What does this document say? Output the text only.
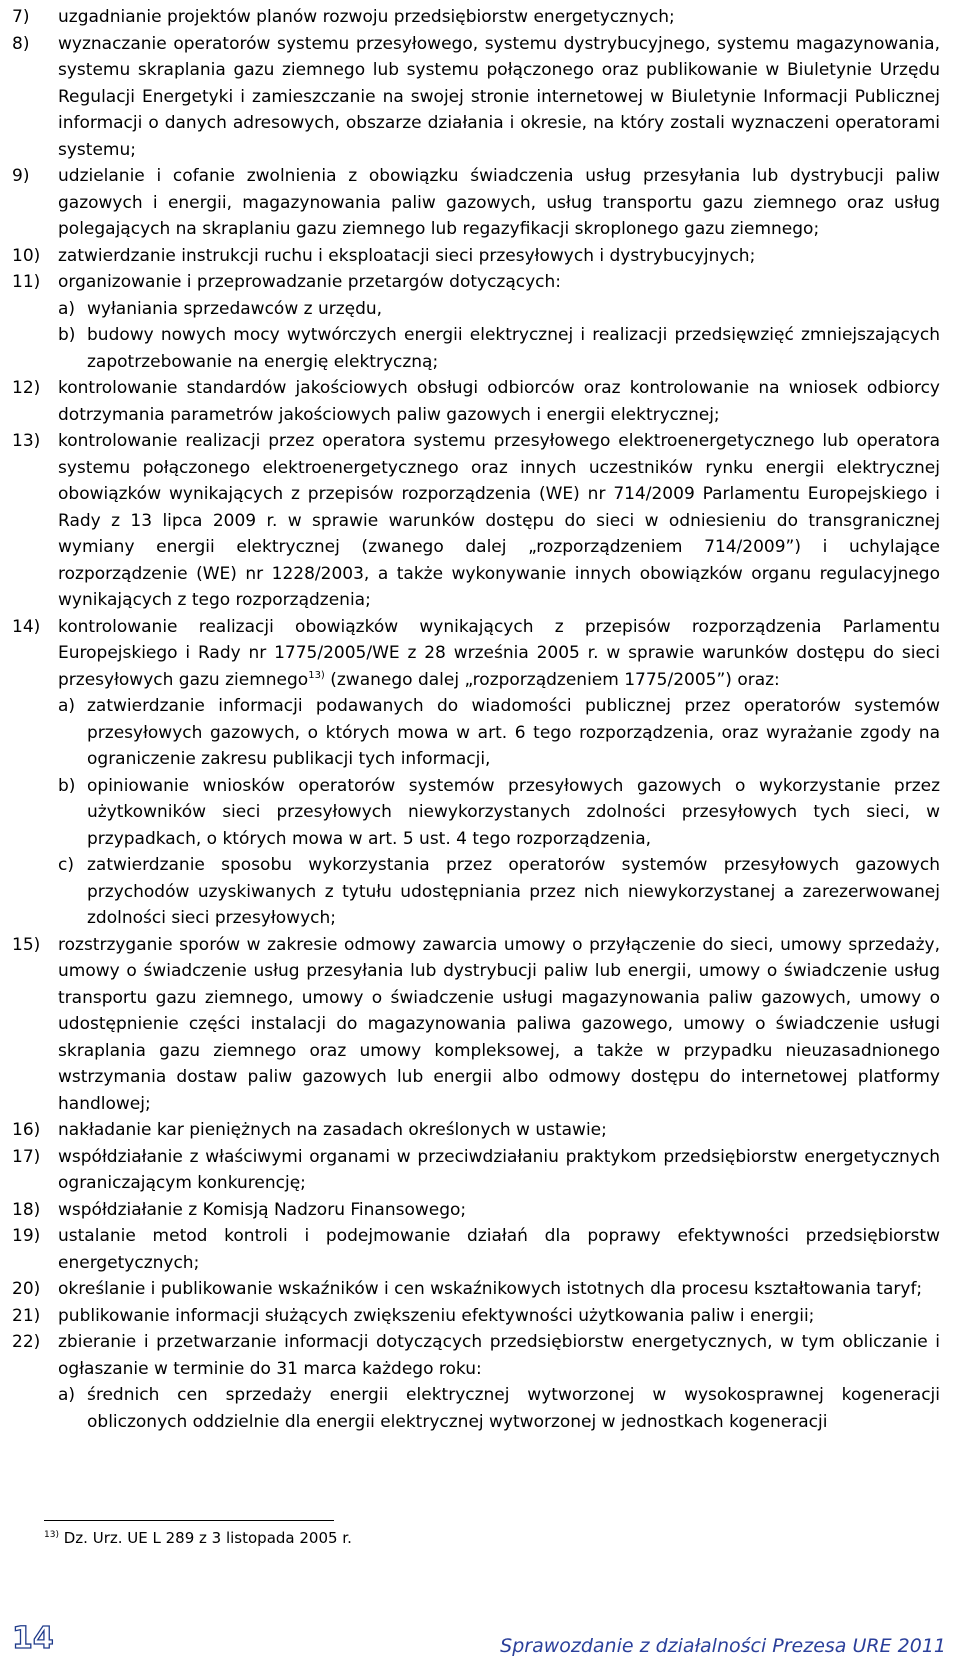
7) uzgadnianie projektów planów rozwoju przedsiębiorstw energetycznych;

8) wyznaczanie operatorów systemu przesyłowego, systemu dystrybucyjnego, systemu magazynowania, systemu skraplania gazu ziemnego lub systemu połączonego oraz publikowanie w Biuletynie Urzędu Regulacji Energetyki i zamieszczanie na swojej stronie internetowej w Biuletynie Informacji Publicznej informacji o danych adresowych, obszarze działania i okresie, na który zostali wyznaczeni operatorami systemu;

9) udzielanie i cofanie zwolnienia z obowiązku świadczenia usług przesyłania lub dystrybucji paliw gazowych i energii, magazynowania paliw gazowych, usług transportu gazu ziemnego oraz usług polegających na skraplaniu gazu ziemnego lub regazyfikacji skroplonego gazu ziemnego;

10) zatwierdzanie instrukcji ruchu i eksploatacji sieci przesyłowych i dystrybucyjnych;

11) organizowanie i przeprowadzanie przetargów dotyczących:

a) wyłaniania sprzedawców z urzędu,

b) budowy nowych mocy wytwórczych energii elektrycznej i realizacji przedsięwzięć zmniejszających zapotrzebowanie na energię elektryczną;

12) kontrolowanie standardów jakościowych obsługi odbiorców oraz kontrolowanie na wniosek odbiorcy dotrzymania parametrów jakościowych paliw gazowych i energii elektrycznej;

13) kontrolowanie realizacji przez operatora systemu przesyłowego elektroenergetycznego lub operatora systemu połączonego elektroenergetycznego oraz innych uczestników rynku energii elektrycznej obowiązków wynikających z przepisów rozporządzenia (WE) nr 714/2009 Parlamentu Europejskiego i Rady z 13 lipca 2009 r. w sprawie warunków dostępu do sieci w odniesieniu do transgranicznej wymiany energii elektrycznej (zwanego dalej „rozporządzeniem 714/2009”) i uchylające rozporządzenie (WE) nr 1228/2003, a także wykonywanie innych obowiązków organu regulacyjnego wynikających z tego rozporządzenia;

14) kontrolowanie realizacji obowiązków wynikających z przepisów rozporządzenia Parlamentu Europejskiego i Rady nr 1775/2005/WE z 28 września 2005 r. w sprawie warunków dostępu do sieci przesyłowych gazu ziemnego$^{13)}$ (zwanego dalej „rozporządzeniem 1775/2005”) oraz:

a) zatwierdzanie informacji podawanych do wiadomości publicznej przez operatorów systemów przesyłowych gazowych, o których mowa w art. 6 tego rozporządzenia, oraz wyrażanie zgody na ograniczenie zakresu publikacji tych informacji,

b) opiniowanie wniosków operatorów systemów przesyłowych gazowych o wykorzystanie przez użytkowników sieci przesyłowych niewykorzystanych zdolności przesyłowych tych sieci, w przypadkach, o których mowa w art. 5 ust. 4 tego rozporządzenia,

c) zatwierdzanie sposobu wykorzystania przez operatorów systemów przesyłowych gazowych przychodów uzyskiwanych z tytułu udostępniania przez nich niewykorzystanej a zarezerwowanej zdolności sieci przesyłowych;

15) rozstrzyganie sporów w zakresie odmowy zawarcia umowy o przyłączenie do sieci, umowy sprzedaży, umowy o świadczenie usług przesyłania lub dystrybucji paliw lub energii, umowy o świadczenie usług transportu gazu ziemnego, umowy o świadczenie usługi magazynowania paliw gazowych, umowy o udostępnienie części instalacji do magazynowania paliwa gazowego, umowy o świadczenie usługi skraplania gazu ziemnego oraz umowy kompleksowej, a także w przypadku nieuzasadnionego wstrzymania dostaw paliw gazowych lub energii albo odmowy dostępu do internetowej platformy handlowej;

16) nakładanie kar pieniężnych na zasadach określonych w ustawie;

17) współdziałanie z właściwymi organami w przeciwdziałaniu praktykom przedsiębiorstw energetycznych ograniczającym konkurencję;

18) współdziałanie z Komisją Nadzoru Finansowego;

19) ustalanie metod kontroli i podejmowanie działań dla poprawy efektywności przedsiębiorstw energetycznych;

20) określanie i publikowanie wskaźników i cen wskaźnikowych istotnych dla procesu kształtowania taryf;

21) publikowanie informacji służących zwiększeniu efektywności użytkowania paliw i energii;

22) zbieranie i przetwarzanie informacji dotyczących przedsiębiorstw energetycznych, w tym obliczanie i ogłaszanie w terminie do 31 marca każdego roku:

a) średnich cen sprzedaży energii elektrycznej wytworzonej w wysokosprawnej kogeneracji obliczonych oddzielnie dla energii elektrycznej wytworzonej w jednostkach kogeneracji

$^{13)}$ Dz. Urz. UE L 289 z 3 listopada 2005 r.
14	Sprawozdanie z działalności Prezesa URE 2011
